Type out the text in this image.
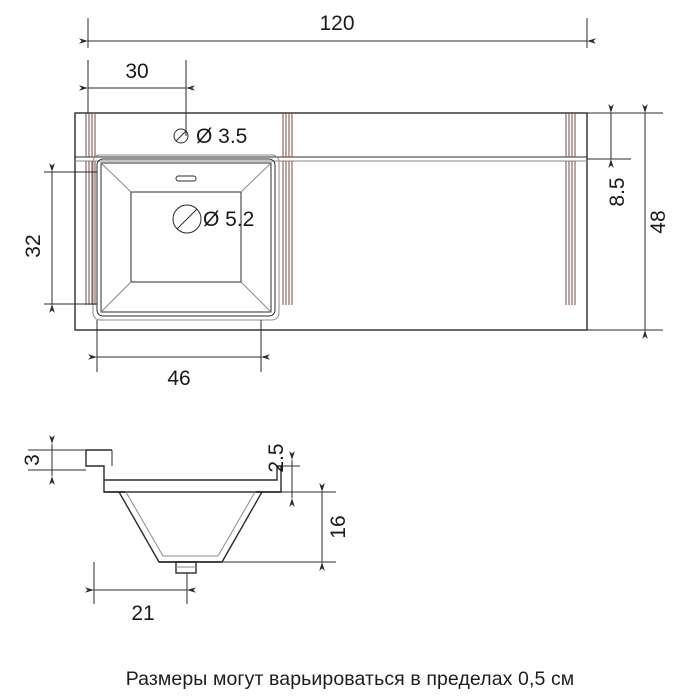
Ø 3.5
Ø 5.2
120
30
46
32
8.5
48
3	2.5
16
21
Размеры могут варьироваться в пределах 0,5 см
